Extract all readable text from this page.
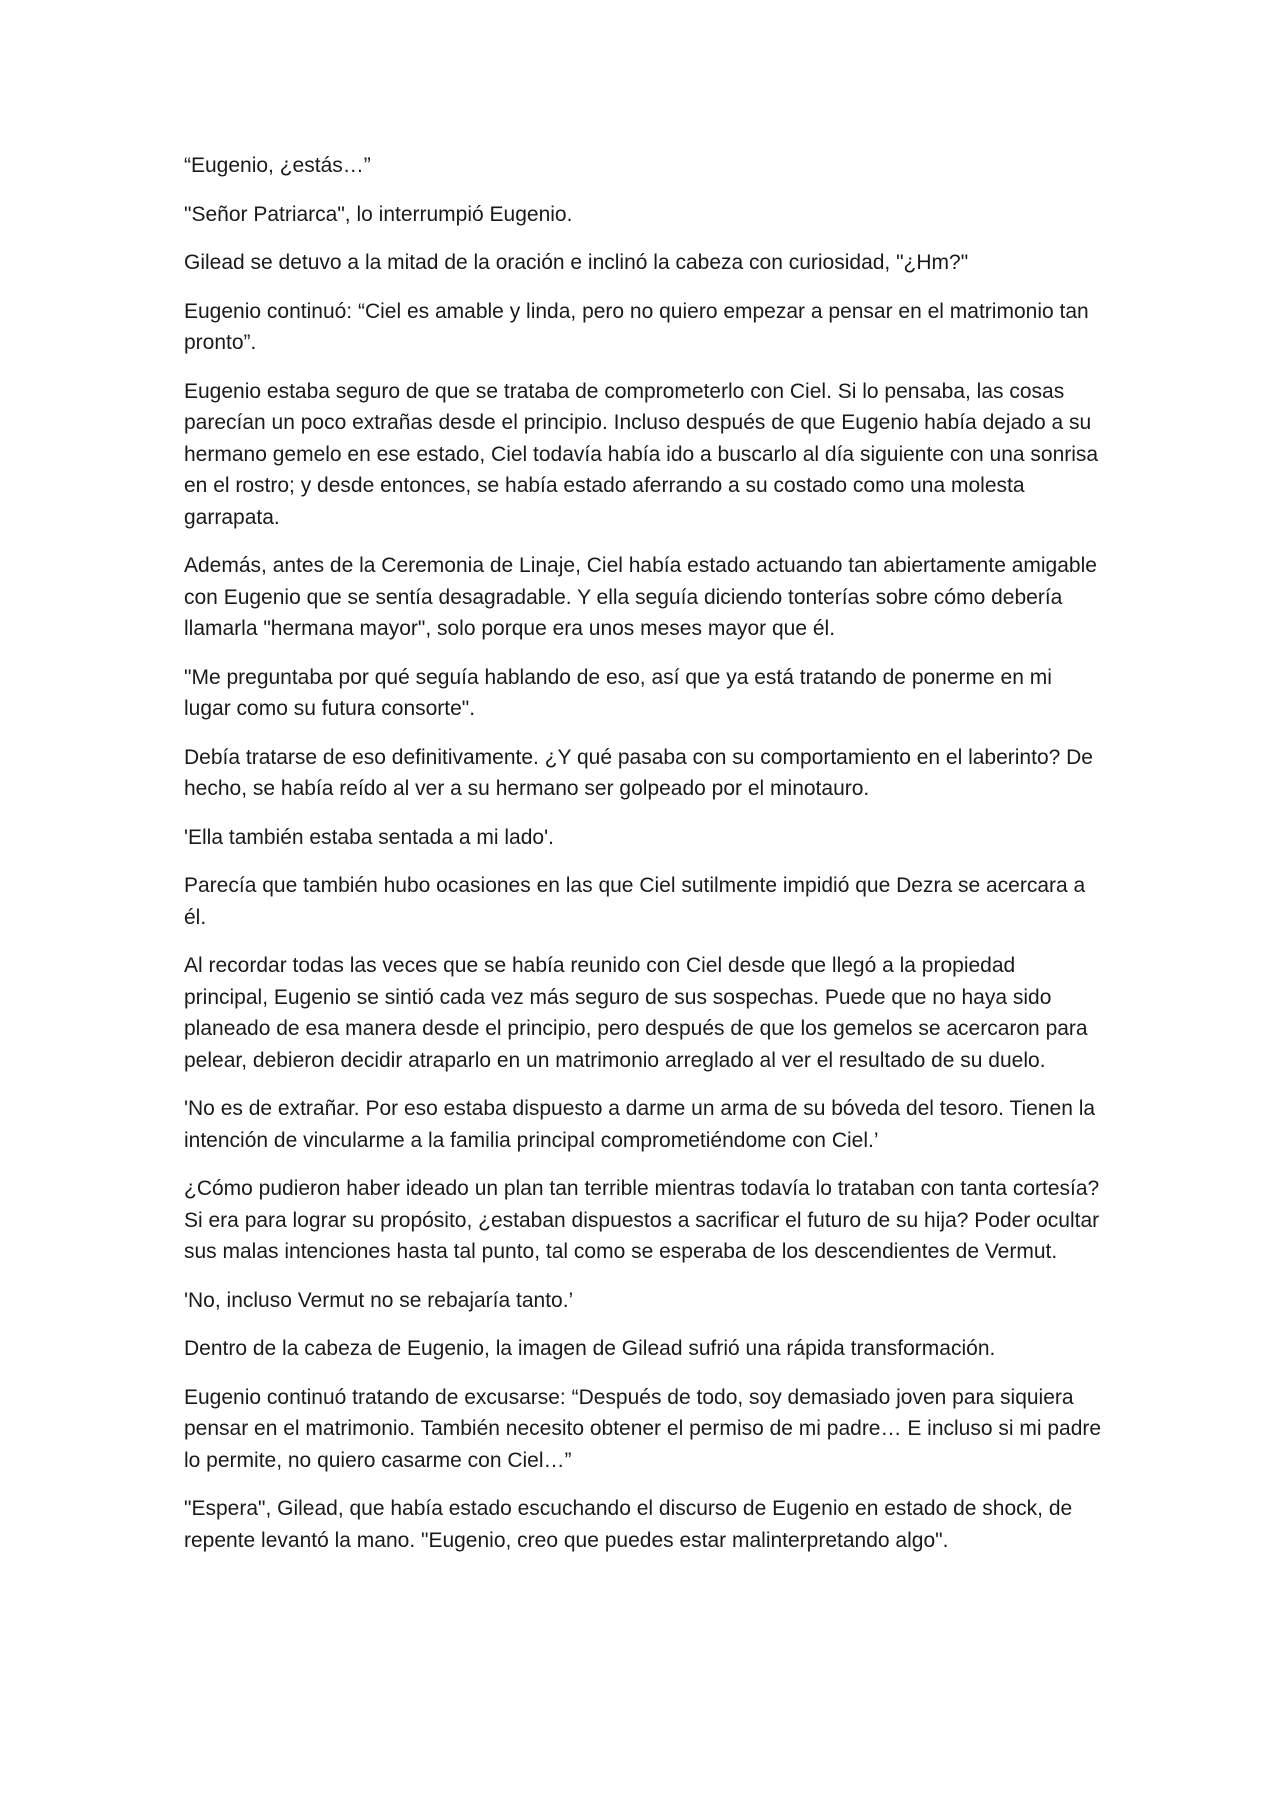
“Eugenio, ¿estás…”

"Señor Patriarca", lo interrumpió Eugenio.

Gilead se detuvo a la mitad de la oración e inclinó la cabeza con curiosidad, "¿Hm?"

Eugenio continuó: “Ciel es amable y linda, pero no quiero empezar a pensar en el matrimonio tan pronto”.

Eugenio estaba seguro de que se trataba de comprometerlo con Ciel. Si lo pensaba, las cosas parecían un poco extrañas desde el principio. Incluso después de que Eugenio había dejado a su hermano gemelo en ese estado, Ciel todavía había ido a buscarlo al día siguiente con una sonrisa en el rostro; y desde entonces, se había estado aferrando a su costado como una molesta garrapata.

Además, antes de la Ceremonia de Linaje, Ciel había estado actuando tan abiertamente amigable con Eugenio que se sentía desagradable. Y ella seguía diciendo tonterías sobre cómo debería llamarla "hermana mayor", solo porque era unos meses mayor que él.

"Me preguntaba por qué seguía hablando de eso, así que ya está tratando de ponerme en mi lugar como su futura consorte".

Debía tratarse de eso definitivamente. ¿Y qué pasaba con su comportamiento en el laberinto? De hecho, se había reído al ver a su hermano ser golpeado por el minotauro.

'Ella también estaba sentada a mi lado'.

Parecía que también hubo ocasiones en las que Ciel sutilmente impidió que Dezra se acercara a él.

Al recordar todas las veces que se había reunido con Ciel desde que llegó a la propiedad principal, Eugenio se sintió cada vez más seguro de sus sospechas. Puede que no haya sido planeado de esa manera desde el principio, pero después de que los gemelos se acercaron para pelear, debieron decidir atraparlo en un matrimonio arreglado al ver el resultado de su duelo.

'No es de extrañar. Por eso estaba dispuesto a darme un arma de su bóveda del tesoro. Tienen la intención de vincularme a la familia principal comprometiéndome con Ciel.’

¿Cómo pudieron haber ideado un plan tan terrible mientras todavía lo trataban con tanta cortesía? Si era para lograr su propósito, ¿estaban dispuestos a sacrificar el futuro de su hija? Poder ocultar sus malas intenciones hasta tal punto, tal como se esperaba de los descendientes de Vermut.

'No, incluso Vermut no se rebajaría tanto.’

Dentro de la cabeza de Eugenio, la imagen de Gilead sufrió una rápida transformación.

Eugenio continuó tratando de excusarse: “Después de todo, soy demasiado joven para siquiera pensar en el matrimonio. También necesito obtener el permiso de mi padre… E incluso si mi padre lo permite, no quiero casarme con Ciel…”

"Espera", Gilead, que había estado escuchando el discurso de Eugenio en estado de shock, de repente levantó la mano. "Eugenio, creo que puedes estar malinterpretando algo".
